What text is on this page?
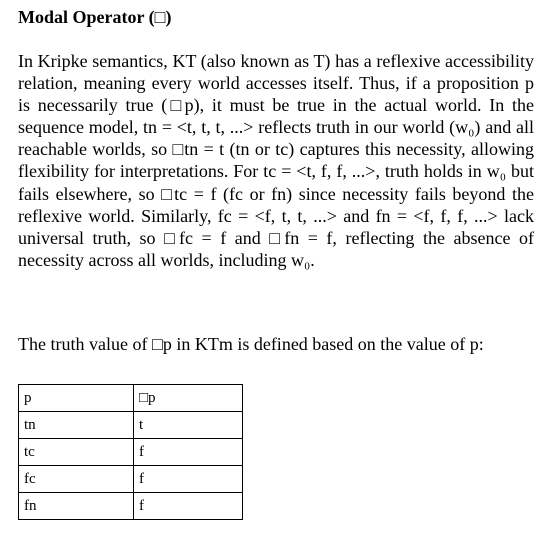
Modal Operator (□)

In Kripke semantics, KT (also known as T) has a reflexive accessibility relation, meaning every world accesses itself. Thus, if a proposition p is necessarily true (□p), it must be true in the actual world. In the sequence model, tn = <t, t, t, ...> reflects truth in our world (w₀) and all reachable worlds, so □tn = t (tn or tc) captures this necessity, allowing flexibility for interpretations. For tc = <t, f, f, ...>, truth holds in w₀ but fails elsewhere, so □tc = f (fc or fn) since necessity fails beyond the reflexive world. Similarly, fc = <f, t, t, ...> and fn = <f, f, f, ...> lack universal truth, so □fc = f and □fn = f, reflecting the absence of necessity across all worlds, including w₀.

The truth value of □p in KTm is defined based on the value of p:
p	□p
tn	t
tc	f
fc	f
fn	f
